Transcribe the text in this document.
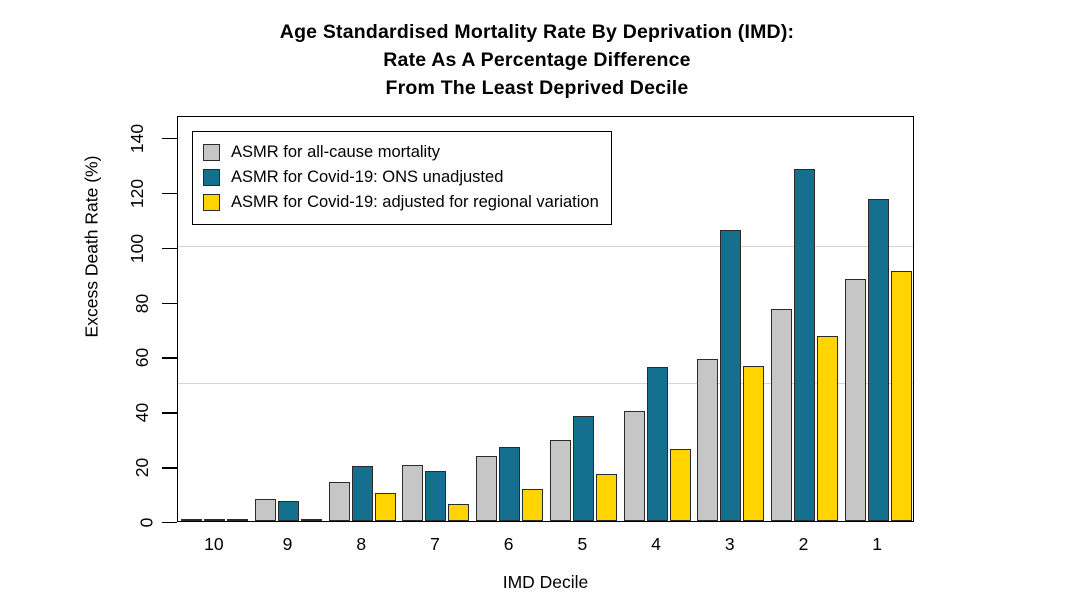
Age Standardised Mortality Rate By Deprivation (IMD):
Rate As A Percentage Difference
From The Least Deprived Decile
Excess Death Rate (%)
IMD Decile
ASMR for all-cause mortality
ASMR for Covid-19: ONS unadjusted
ASMR for Covid-19: adjusted for regional variation
0
20
40
60
80
100
120
140
10	9	8	7	6	5	4	3	2	1
